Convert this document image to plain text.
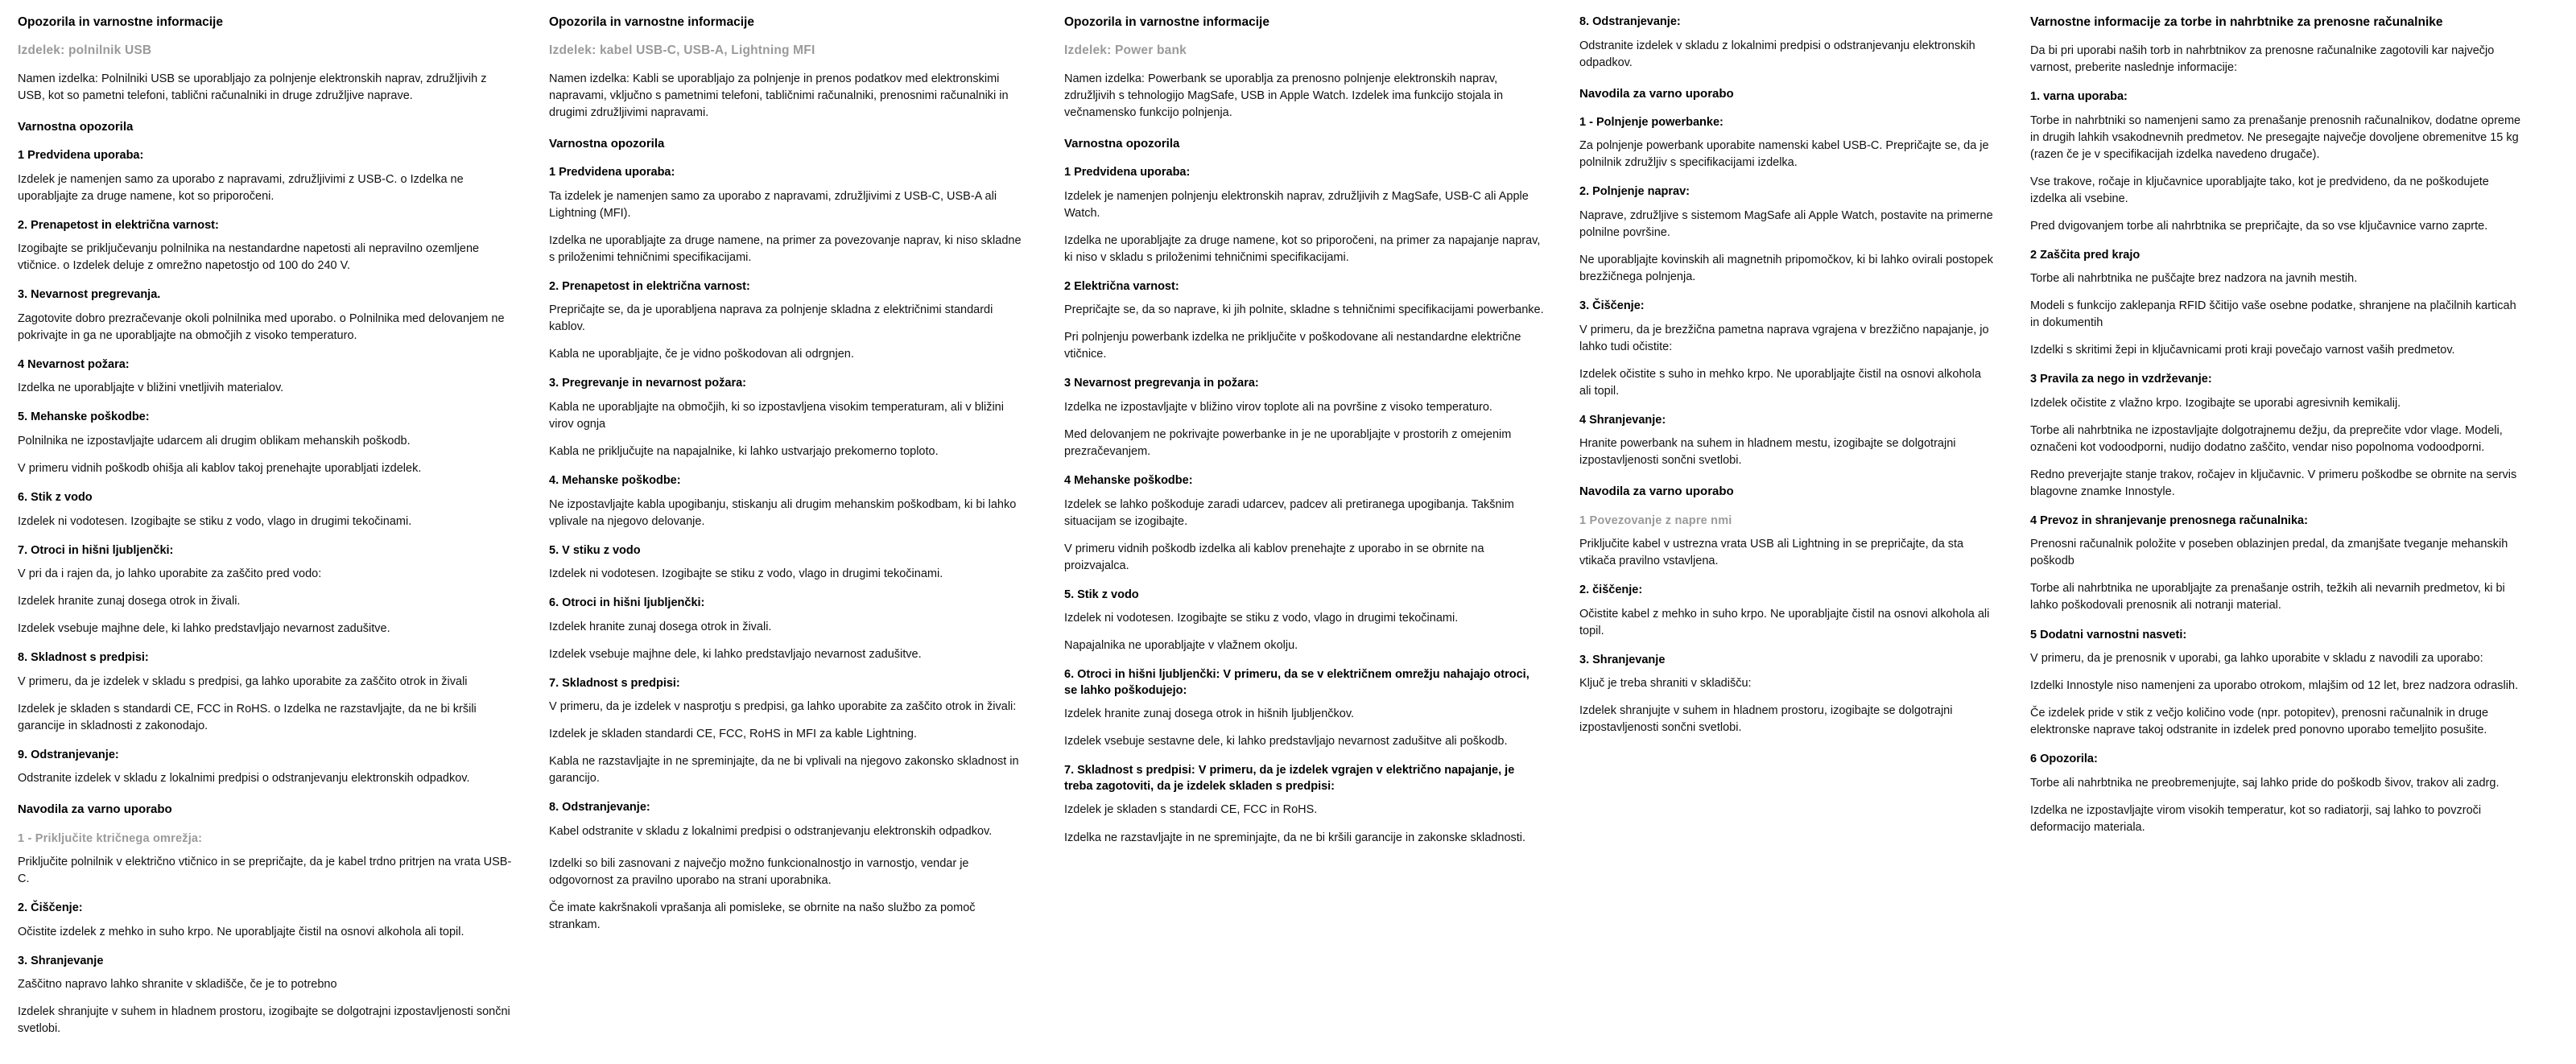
Opozorila in varnostne informacije
Izdelek: polnilnik USB

Namen izdelka: Polnilniki USB se uporabljajo za polnjenje elektronskih naprav, združljivih z USB, kot so pametni telefoni, tablični računalniki in druge združljive naprave.

Varnostna opozorila
1 Predvidena uporaba:

Izdelek je namenjen samo za uporabo z napravami, združljivimi z USB-C. o Izdelka ne uporabljajte za druge namene, kot so priporočeni.

2. Prenapetost in električna varnost:

Izogibajte se priključevanju polnilnika na nestandardne napetosti ali nepravilno ozemljene vtičnice. o Izdelek deluje z omrežno napetostjo od 100 do 240 V.

3. Nevarnost pregrevanja.

Zagotovite dobro prezračevanje okoli polnilnika med uporabo. o Polnilnika med delovanjem ne pokrivajte in ga ne uporabljajte na območjih z visoko temperaturo.

4 Nevarnost požara:

Izdelka ne uporabljajte v bližini vnetljivih materialov.

5. Mehanske poškodbe:

Polnilnika ne izpostavljajte udarcem ali drugim oblikam mehanskih poškodb.

V primeru vidnih poškodb ohišja ali kablov takoj prenehajte uporabljati izdelek.

6. Stik z vodo

Izdelek ni vodotesen. Izogibajte se stiku z vodo, vlago in drugimi tekočinami.

7. Otroci in hišni ljubljenčki:

V pri da i rajen da, jo lahko uporabite za zaščito pred vodo:

Izdelek hranite zunaj dosega otrok in živali.

Izdelek vsebuje majhne dele, ki lahko predstavljajo nevarnost zadušitve.

8. Skladnost s predpisi:

V primeru, da je izdelek v skladu s predpisi, ga lahko uporabite za zaščito otrok in živali

Izdelek je skladen s standardi CE, FCC in RoHS. o Izdelka ne razstavljajte, da ne bi kršili garancije in skladnosti z zakonodajo.

9. Odstranjevanje:

Odstranite izdelek v skladu z lokalnimi predpisi o odstranjevanju elektronskih odpadkov.

Navodila za varno uporabo
1 - Priključite ktričnega omrežja:

Priključite polnilnik v električno vtičnico in se prepričajte, da je kabel trdno pritrjen na vrata USB-C.

2. Čiščenje:

Očistite izdelek z mehko in suho krpo. Ne uporabljajte čistil na osnovi alkohola ali topil.

3. Shranjevanje

Zaščitno napravo lahko shranite v skladišče, če je to potrebno

Izdelek shranjujte v suhem in hladnem prostoru, izogibajte se dolgotrajni izpostavljenosti sončni svetlobi.

Opozorila in varnostne informacije
Izdelek: kabel USB-C, USB-A, Lightning MFI

Namen izdelka: Kabli se uporabljajo za polnjenje in prenos podatkov med elektronskimi napravami, vključno s pametnimi telefoni, tabličnimi računalniki, prenosnimi računalniki in drugimi združljivimi napravami.

Varnostna opozorila
1 Predvidena uporaba:

Ta izdelek je namenjen samo za uporabo z napravami, združljivimi z USB-C, USB-A ali Lightning (MFI).

Izdelka ne uporabljajte za druge namene, na primer za povezovanje naprav, ki niso skladne s priloženimi tehničnimi specifikacijami.

2. Prenapetost in električna varnost:

Prepričajte se, da je uporabljena naprava za polnjenje skladna z električnimi standardi kablov.

Kabla ne uporabljajte, če je vidno poškodovan ali odrgnjen.

3. Pregrevanje in nevarnost požara:

Kabla ne uporabljajte na območjih, ki so izpostavljena visokim temperaturam, ali v bližini virov ognja

Kabla ne priključujte na napajalnike, ki lahko ustvarjajo prekomerno toploto.

4. Mehanske poškodbe:

Ne izpostavljajte kabla upogibanju, stiskanju ali drugim mehanskim poškodbam, ki bi lahko vplivale na njegovo delovanje.

5. V stiku z vodo

Izdelek ni vodotesen. Izogibajte se stiku z vodo, vlago in drugimi tekočinami.

6. Otroci in hišni ljubljenčki:

Izdelek hranite zunaj dosega otrok in živali.

Izdelek vsebuje majhne dele, ki lahko predstavljajo nevarnost zadušitve.

7. Skladnost s predpisi:

V primeru, da je izdelek v nasprotju s predpisi, ga lahko uporabite za zaščito otrok in živali:

Izdelek je skladen standardi CE, FCC, RoHS in MFI za kable Lightning.

Kabla ne razstavljajte in ne spreminjajte, da ne bi vplivali na njegovo zakonsko skladnost in garancijo.

8. Odstranjevanje:

Kabel odstranite v skladu z lokalnimi predpisi o odstranjevanju elektronskih odpadkov.

Izdelki so bili zasnovani z največjo možno funkcionalnostjo in varnostjo, vendar je odgovornost za pravilno uporabo na strani uporabnika.

Če imate kakršnakoli vprašanja ali pomisleke, se obrnite na našo službo za pomoč strankam.

Opozorila in varnostne informacije
Izdelek: Power bank

Namen izdelka: Powerbank se uporablja za prenosno polnjenje elektronskih naprav, združljivih s tehnologijo MagSafe, USB in Apple Watch. Izdelek ima funkcijo stojala in večnamensko funkcijo polnjenja.

Varnostna opozorila
1 Predvidena uporaba:

Izdelek je namenjen polnjenju elektronskih naprav, združljivih z MagSafe, USB-C ali Apple Watch.

Izdelka ne uporabljajte za druge namene, kot so priporočeni, na primer za napajanje naprav, ki niso v skladu s priloženimi tehničnimi specifikacijami.

2 Električna varnost:

Prepričajte se, da so naprave, ki jih polnite, skladne s tehničnimi specifikacijami powerbanke.

Pri polnjenju powerbank izdelka ne priključite v poškodovane ali nestandardne električne vtičnice.

3 Nevarnost pregrevanja in požara:

Izdelka ne izpostavljajte v bližino virov toplote ali na površine z visoko temperaturo.

Med delovanjem ne pokrivajte powerbanke in je ne uporabljajte v prostorih z omejenim prezračevanjem.

4 Mehanske poškodbe:

Izdelek se lahko poškoduje zaradi udarcev, padcev ali pretiranega upogibanja. Takšnim situacijam se izogibajte.

V primeru vidnih poškodb izdelka ali kablov prenehajte z uporabo in se obrnite na proizvajalca.

5. Stik z vodo

Izdelek ni vodotesen. Izogibajte se stiku z vodo, vlago in drugimi tekočinami.

Napajalnika ne uporabljajte v vlažnem okolju.

6. Otroci in hišni ljubljenčki: V primeru, da se v električnem omrežju nahajajo otroci, se lahko poškodujejo:

Izdelek hranite zunaj dosega otrok in hišnih ljubljenčkov.

Izdelek vsebuje sestavne dele, ki lahko predstavljajo nevarnost zadušitve ali poškodb.

7. Skladnost s predpisi: V primeru, da je izdelek vgrajen v električno napajanje, je treba zagotoviti, da je izdelek skladen s predpisi:

Izdelek je skladen s standardi CE, FCC in RoHS.

Izdelka ne razstavljajte in ne spreminjajte, da ne bi kršili garancije in zakonske skladnosti.

8. Odstranjevanje:

Odstranite izdelek v skladu z lokalnimi predpisi o odstranjevanju elektronskih odpadkov.

Navodila za varno uporabo
1 - Polnjenje powerbanke:

Za polnjenje powerbank uporabite namenski kabel USB-C. Prepričajte se, da je polnilnik združljiv s specifikacijami izdelka.

2. Polnjenje naprav:

Naprave, združljive s sistemom MagSafe ali Apple Watch, postavite na primerne polnilne površine.

Ne uporabljajte kovinskih ali magnetnih pripomočkov, ki bi lahko ovirali postopek brezžičnega polnjenja.

3. Čiščenje:

V primeru, da je brezžična pametna naprava vgrajena v brezžično napajanje, jo lahko tudi očistite:

Izdelek očistite s suho in mehko krpo. Ne uporabljajte čistil na osnovi alkohola ali topil.

4 Shranjevanje:

Hranite powerbank na suhem in hladnem mestu, izogibajte se dolgotrajni izpostavljenosti sončni svetlobi.

Navodila za varno uporabo
1 Povezovanje z napre nmi

Priključite kabel v ustrezna vrata USB ali Lightning in se prepričajte, da sta vtikača pravilno vstavljena.

2. čiščenje:

Očistite kabel z mehko in suho krpo. Ne uporabljajte čistil na osnovi alkohola ali topil.

3. Shranjevanje

Ključ je treba shraniti v skladišču:

Izdelek shranjujte v suhem in hladnem prostoru, izogibajte se dolgotrajni izpostavljenosti sončni svetlobi.

Varnostne informacije za torbe in nahrbtnike za prenosne računalnike

Da bi pri uporabi naših torb in nahrbtnikov za prenosne računalnike zagotovili kar največjo varnost, preberite naslednje informacije:

1. varna uporaba:

Torbe in nahrbtniki so namenjeni samo za prenašanje prenosnih računalnikov, dodatne opreme in drugih lahkih vsakodnevnih predmetov. Ne presegajte največje dovoljene obremenitve 15 kg (razen če je v specifikacijah izdelka navedeno drugače).

Vse trakove, ročaje in ključavnice uporabljajte tako, kot je predvideno, da ne poškodujete izdelka ali vsebine.

Pred dvigovanjem torbe ali nahrbtnika se prepričajte, da so vse ključavnice varno zaprte.

2 Zaščita pred krajo

Torbe ali nahrbtnika ne puščajte brez nadzora na javnih mestih.

Modeli s funkcijo zaklepanja RFID ščitijo vaše osebne podatke, shranjene na plačilnih karticah in dokumentih

Izdelki s skritimi žepi in ključavnicami proti kraji povečajo varnost vaših predmetov.

3 Pravila za nego in vzdrževanje:

Izdelek očistite z vlažno krpo. Izogibajte se uporabi agresivnih kemikalij.

Torbe ali nahrbtnika ne izpostavljajte dolgotrajnemu dežju, da preprečite vdor vlage. Modeli, označeni kot vodoodporni, nudijo dodatno zaščito, vendar niso popolnoma vodoodporni.

Redno preverjajte stanje trakov, ročajev in ključavnic. V primeru poškodbe se obrnite na servis blagovne znamke Innostyle.

4 Prevoz in shranjevanje prenosnega računalnika:

Prenosni računalnik položite v poseben oblazinjen predal, da zmanjšate tveganje mehanskih poškodb

Torbe ali nahrbtnika ne uporabljajte za prenašanje ostrih, težkih ali nevarnih predmetov, ki bi lahko poškodovali prenosnik ali notranji material.

5 Dodatni varnostni nasveti:

V primeru, da je prenosnik v uporabi, ga lahko uporabite v skladu z navodili za uporabo:

Izdelki Innostyle niso namenjeni za uporabo otrokom, mlajšim od 12 let, brez nadzora odraslih.

Če izdelek pride v stik z večjo količino vode (npr. potopitev), prenosni računalnik in druge elektronske naprave takoj odstranite in izdelek pred ponovno uporabo temeljito posušite.

6 Opozorila:

Torbe ali nahrbtnika ne preobremenjujte, saj lahko pride do poškodb šivov, trakov ali zadrg.

Izdelka ne izpostavljajte virom visokih temperatur, kot so radiatorji, saj lahko to povzroči deformacijo materiala.
